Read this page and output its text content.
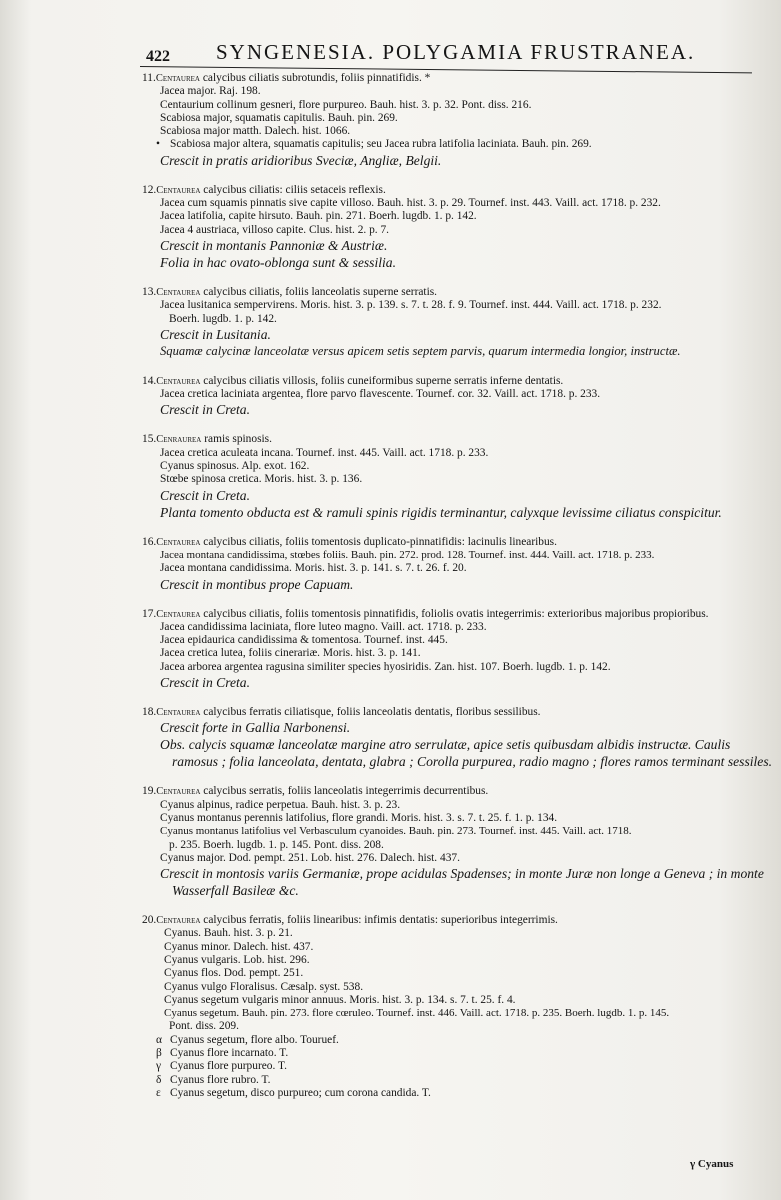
422 SYNGENESIA. POLYGAMIA FRUSTRANEA.
11.Centaurea calycibus ciliatis subrotundis, foliis pinnatifidis. *
Jacea major. Raj. 198.
Centaurium collinum gesneri, flore purpureo. Bauh. hist. 3. p. 32. Pont. diss. 216.
Scabiosa major, squamatis capitulis. Bauh. pin. 269.
Scabiosa major matth. Dalech. hist. 1066.
• Scabiosa major altera, squamatis capitulis; seu Jacea rubra latifolia laciniata. Bauh. pin. 269.
Crescit in pratis aridioribus Sveciæ, Angliæ, Belgii.
12.Centaurea calycibus ciliatis: ciliis setaceis reflexis.
Jacea cum squamis pinnatis sive capite villoso. Bauh. hist. 3. p. 29. Tournef. inst. 443. Vaill. act. 1718. p. 232.
Jacea latifolia, capite hirsuto. Bauh. pin. 271. Boerh. lugdb. 1. p. 142.
Jacea 4 austriaca, villoso capite. Clus. hist. 2. p. 7.
Crescit in montanis Pannoniæ & Austriæ.
Folia in hac ovato-oblonga sunt & sessilia.
13.Centaurea calycibus ciliatis, foliis lanceolatis superne serratis.
Jacea lusitanica sempervirens. Moris. hist. 3. p. 139. s. 7. t. 28. f. 9. Tournef. inst. 444. Vaill. act. 1718. p. 232.
Boerh. lugdb. 1. p. 142.
Crescit in Lusitania.
Squamæ calycinæ lanceolatæ versus apicem setis septem parvis, quarum intermedia longior, instructæ.
14.Centaurea calycibus ciliatis villosis, foliis cuneiformibus superne serratis inferne dentatis.
Jacea cretica laciniata argentea, flore parvo flavescente. Tournef. cor. 32. Vaill. act. 1718. p. 233.
Crescit in Creta.
15.Cenraurea ramis spinosis.
Jacea cretica aculeata incana. Tournef. inst. 445. Vaill. act. 1718. p. 233.
Cyanus spinosus. Alp. exot. 162.
Stœbe spinosa cretica. Moris. hist. 3. p. 136.
Crescit in Creta.
Planta tomento obducta est & ramuli spinis rigidis terminantur, calyxque levissime ciliatus conspicitur.
16.Centaurea calycibus ciliatis, foliis tomentosis duplicato-pinnatifidis: lacinulis linearibus.
Jacea montana candidissima, stœbes foliis. Bauh. pin. 272. prod. 128. Tournef. inst. 444. Vaill. act. 1718. p. 233.
Jacea montana candidissima. Moris. hist. 3. p. 141. s. 7. t. 26. f. 20.
Crescit in montibus prope Capuam.
17.Centaurea calycibus ciliatis, foliis tomentosis pinnatifidis, foliolis ovatis integerrimis: exterioribus majoribus propioribus.
Jacea candidissima laciniata, flore luteo magno. Vaill. act. 1718. p. 233.
Jacea epidaurica candidissima & tomentosa. Tournef. inst. 445.
Jacea cretica lutea, foliis cinerariæ. Moris. hist. 3. p. 141.
Jacea arborea argentea ragusina similiter species hyosiridis. Zan. hist. 107. Boerh. lugdb. 1. p. 142.
Crescit in Creta.
18.Centaurea calycibus ferratis ciliatisque, foliis lanceolatis dentatis, floribus sessilibus.
Crescit forte in Gallia Narbonensi.
Obs. calycis squamæ lanceolatæ margine atro serrulatæ, apice setis quibusdam albidis instructæ. Caulis ramosus ; folia lanceolata, dentata, glabra ; Corolla purpurea, radio magno ; flores ramos terminant sessiles.
19.Centaurea calycibus serratis, foliis lanceolatis integerrimis decurrentibus.
Cyanus alpinus, radice perpetua. Bauh. hist. 3. p. 23.
Cyanus montanus perennis latifolius, flore grandi. Moris. hist. 3. s. 7. t. 25. f. 1. p. 134.
Cyanus montanus latifolius vel Verbasculum cyanoides. Bauh. pin. 273. Tournef. inst. 445. Vaill. act. 1718.
p. 235. Boerh. lugdb. 1. p. 145. Pont. diss. 208.
Cyanus major. Dod. pempt. 251. Lob. hist. 276. Dalech. hist. 437.
Crescit in montosis variis Germaniæ, prope acidulas Spadenses; in monte Juræ non longe a Geneva ; in monte Wasserfall Basileæ &c.
20.Centaurea calycibus ferratis, foliis linearibus: infimis dentatis: superioribus integerrimis.
Cyanus. Bauh. hist. 3. p. 21.
Cyanus minor. Dalech. hist. 437.
Cyanus vulgaris. Lob. hist. 296.
Cyanus flos. Dod. pempt. 251.
Cyanus vulgo Floralisus. Cæsalp. syst. 538.
Cyanus segetum vulgaris minor annuus. Moris. hist. 3. p. 134. s. 7. t. 25. f. 4.
Cyanus segetum. Bauh. pin. 273. flore cœruleo. Tournef. inst. 446. Vaill. act. 1718. p. 235. Boerh. lugdb. 1. p. 145.
Pont. diss. 209.
α Cyanus segetum, flore albo. Touruef.
β Cyanus flore incarnato. T.
γ Cyanus flore purpureo. T.
δ Cyanus flore rubro. T.
ε Cyanus segetum, disco purpureo; cum corona candida. T.
γ Cyanus
